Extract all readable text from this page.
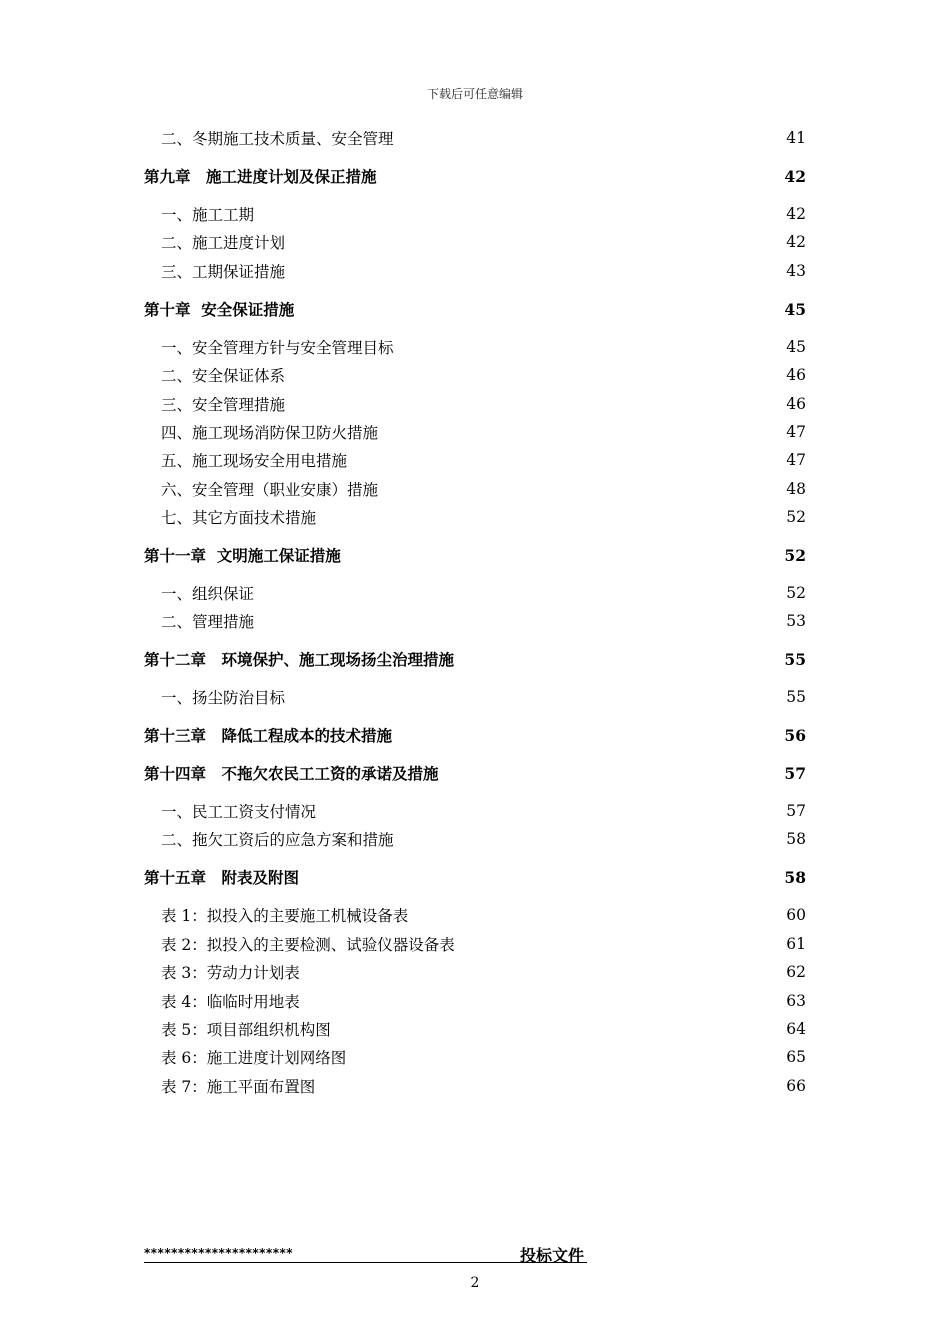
下载后可任意编辑
二、冬期施工技术质量、安全管理	41
第九章　施工进度计划及保正措施	42
一、施工工期	42
二、施工进度计划	42
三、工期保证措施	43
第十章  安全保证措施	45
一、安全管理方针与安全管理目标	45
二、安全保证体系	46
三、安全管理措施	46
四、施工现场消防保卫防火措施	47
五、施工现场安全用电措施	47
六、安全管理（职业安康）措施	48
七、其它方面技术措施	52
第十一章  文明施工保证措施	52
一、组织保证	52
二、管理措施	53
第十二章　环境保护、施工现场扬尘治理措施	55
一、扬尘防治目标	55
第十三章　降低工程成本的技术措施	56
第十四章　不拖欠农民工工资的承诺及措施	57
一、民工工资支付情况	57
二、拖欠工资后的应急方案和措施	58
第十五章　附表及附图	58
表 1：拟投入的主要施工机械设备表	60
表 2：拟投入的主要检测、试验仪器设备表	61
表 3：劳动力计划表	62
表 4：临临时用地表	63
表 5：项目部组织机构图	64
表 6：施工进度计划网络图	65
表 7：施工平面布置图	66
**********************	投标文件
2
